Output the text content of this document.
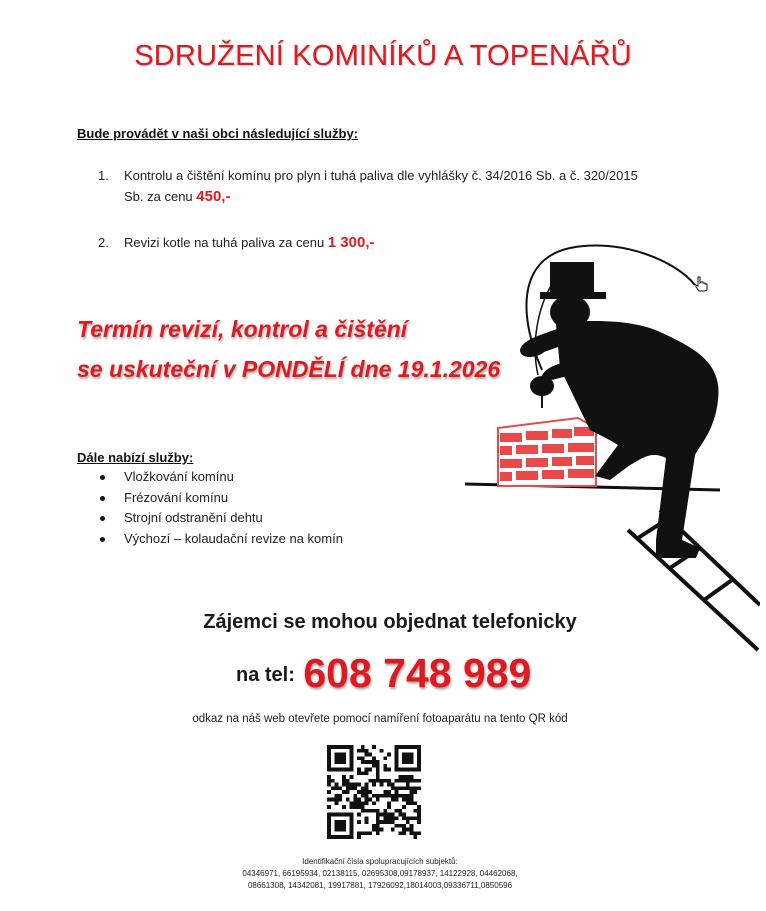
SDRUŽENÍ KOMINÍKŮ A TOPENÁŘŮ
Bude provádět v naši obci následující služby:
1. Kontrolu a čištění komínu pro plyn i tuhá paliva dle vyhlášky č. 34/2016 Sb. a č. 320/2015 Sb. za cenu 450,-
2. Revizi kotle na tuhá paliva za cenu 1 300,-
Termín revizí, kontrol a čištění
se uskuteční v PONDĚLÍ dne 19.1.2026
Dále nabízí služby:
Vložkování komínu
Frézování komínu
Strojní odstranění dehtu
Výchozí – kolaudační revize na komín
Zájemci se mohou objednat telefonicky
na tel: 608 748 989
odkaz na náš web otevřete pomocí namíření fotoaparátu na tento QR kód
Identifikační čísla spolupracujících subjektů:
04346971, 66195934, 02138115, 02695308,09178937, 14122928, 04462068,
08661308, 14342081, 19917881, 17926092,18014003,09336711,0850596
